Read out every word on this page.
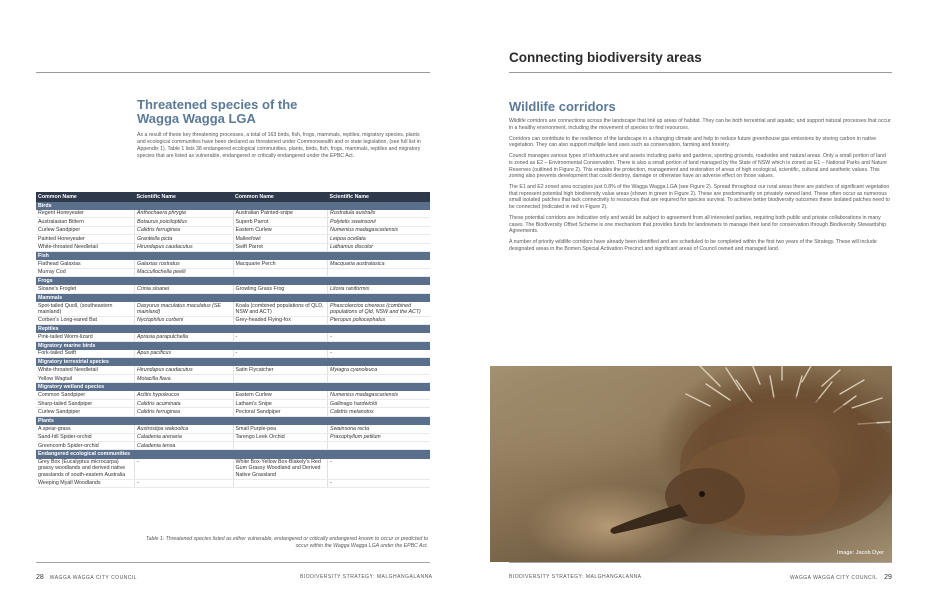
Threatened species of the
Wagga Wagga LGA
As a result of these key threatening processes, a total of 163 birds, fish, frogs, mammals, reptiles, migratory species, plants and ecological communities have been declared as threatened under Commonwealth and or state legislation, (see full list in Appendix 1). Table 1 lists 38 endangered ecological communities, plants, birds, fish, frogs, mammals, reptiles and migratory species that are listed as vulnerable, endangered or critically endangered under the EPBC Act.
Common Name	Scientific Name	Common Name	Scientific Name
Birds			
Regent Honeyeater	Anthochaera phrygia	Australian Painted-snipe	Rostratula australis
Australasian Bittern	Botaurus poiciloptilus	Superb Parrot	Polytelis swainsonii
Curlew Sandpiper	Calidris ferruginea	Eastern Curlew	Numenius madagascariensis
Painted Honeyeater	Grantiella picta	Malleefowl	Leipoa ocellata
White-throated Needletail	Hirundapus caudacutus	Swift Parrot	Lathamus discolor
Fish			
Flathead Galaxias	Galaxias rostratus	Macquarie Perch	Macquaria australasica
Murray Cod	Maccullochella peelii		
Frogs			
Sloane's Froglet	Crinia sloanei	Growling Grass Frog	Litoria raniformis
Mammals			
Spot-tailed Quoll, (southeastern mainland)	Dasyurus maculatus maculatus (SE mainland)	Koala (combined populations of QLD, NSW and ACT)	Phascolarctos cinereus (combined populations of Qld, NSW and the ACT)
Corben's Long-eared Bat	Nyctophilus corbeni	Grey-headed Flying-fox	Pteropus poliocephalus
Reptiles			
Pink-tailed Worm-lizard	Aprasia parapulchella	-	-
Migratory marine birds			
Fork-tailed Swift	Apus pacificus	-	-
Migratory terrestrial species			
White-throated Needletail	Hirundapus caudacutus	Satin Flycatcher	Myiagra cyanoleuca
Yellow Wagtail	Motacilla flava		
Migratory wetland species			
Common Sandpiper	Actitis hypoleucos	Eastern Curlew	Numenius madagascariensis
Sharp-tailed Sandpiper	Calidris acuminata	Latham's Snipe	Gallinago hardwickii
Curlew Sandpiper	Calidris ferruginea	Pectoral Sandpiper	Calidris melanotos
Plants			
A spear-grass	Austrostipa wakoolica	Small Purple-pea	Swainsona recta
Sand-hill Spider-orchid	Caladenia arenaria	Tarengo Leek Orchid	Prasophyllum petilum
Greencomb Spider-orchid	Caladenia tensa		
Endangered ecological communities			
Grey Box (Eucalyptus microcarpa) grassy woodlands and derived native grasslands of south-eastern Australia	-	White Box-Yellow Box-Blakely's Red Gum Grassy Woodland and Derived Native Grassland	-
Weeping Myall Woodlands	-		-
Table 1: Threatened species listed as either vulnerable, endangered or critically endangered known to occur or predicted to occur within the Wagga Wagga LGA under the EPBC Act.
28 WAGGA WAGGA CITY COUNCIL	BIODIVERSITY STRATEGY: MALGHANGALANNA
Connecting biodiversity areas
Wildlife corridors

Wildlife corridors are connections across the landscape that link up areas of habitat. They can be both terrestrial and aquatic, and support natural processes that occur in a healthy environment, including the movement of species to find resources.

Corridors can contribute to the resilience of the landscape in a changing climate and help to reduce future greenhouse gas emissions by storing carbon in native vegetation. They can also support multiple land uses such as conservation, farming and forestry.

Council manages various types of infrastructure and assets including parks and gardens, sporting grounds, roadsides and natural areas. Only a small portion of land is zoned as E2 – Environmental Conservation. There is also a small portion of land managed by the State of NSW which is zoned as E1 – National Parks and Nature Reserves (outlined in Figure 2). This enables the protection, management and restoration of areas of high ecological, scientific, cultural and aesthetic values. This zoning also prevents development that could destroy, damage or otherwise have an adverse effect on those values.

The E1 and E2 zoned area occupies just 0.8% of the Wagga Wagga LGA (see Figure 2). Spread throughout our rural areas there are patches of significant vegetation that represent potential high biodiversity value areas (shown in green in Figure 2). These are predominantly on privately owned land. These often occur as numerous small isolated patches that lack connectivity to resources that are required for species survival. To achieve better biodiversity outcomes these isolated patches need to be connected (indicated in red in Figure 2).

These potential corridors are indicative only and would be subject to agreement from all interested parties, requiring both public and private collaborations in many cases. The Biodiversity Offset Scheme is one mechanism that provides funds for landowners to manage their land for conservation through Biodiversity Stewardship Agreements.

A number of priority wildlife corridors have already been identified and are scheduled to be completed within the first two years of the Strategy. These will include designated areas in the Bomen Special Activation Precinct and significant areas of Council owned and managed land.

Image: Jacob Dyer
BIODIVERSITY STRATEGY: MALGHANGALANNA	WAGGA WAGGA CITY COUNCIL 29
